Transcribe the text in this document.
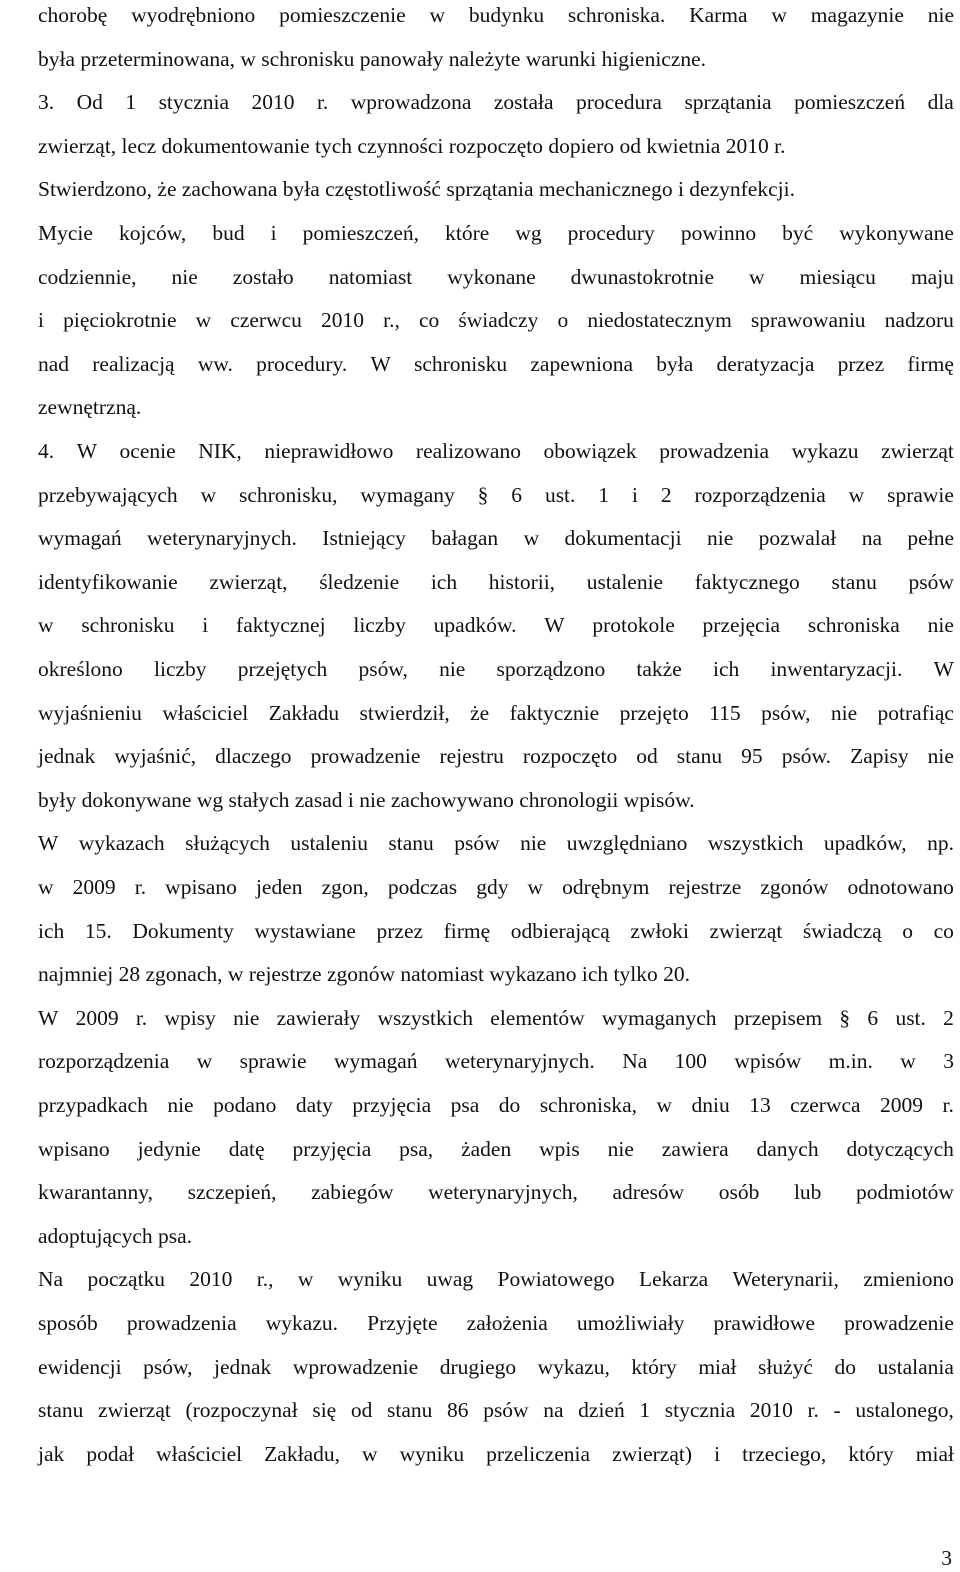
chorobę wyodrębniono pomieszczenie w budynku schroniska. Karma w magazynie nie
była przeterminowana, w schronisku panowały należyte warunki higieniczne.
3. Od 1 stycznia 2010 r. wprowadzona została procedura sprzątania pomieszczeń dla
zwierząt, lecz dokumentowanie tych czynności rozpoczęto dopiero od kwietnia 2010 r.
Stwierdzono, że zachowana była częstotliwość sprzątania mechanicznego i dezynfekcji.
Mycie kojców, bud i pomieszczeń, które wg procedury powinno być wykonywane
codziennie, nie zostało natomiast wykonane dwunastokrotnie w miesiącu maju
i pięciokrotnie w czerwcu 2010 r., co świadczy o niedostatecznym sprawowaniu nadzoru
nad realizacją ww. procedury. W schronisku zapewniona była deratyzacja przez firmę
zewnętrzną.
4. W ocenie NIK, nieprawidłowo realizowano obowiązek prowadzenia wykazu zwierząt
przebywających w schronisku, wymagany § 6 ust. 1 i 2 rozporządzenia w sprawie
wymagań weterynaryjnych. Istniejący bałagan w dokumentacji nie pozwalał na pełne
identyfikowanie zwierząt, śledzenie ich historii, ustalenie faktycznego stanu psów
w schronisku i faktycznej liczby upadków. W protokole przejęcia schroniska nie
określono liczby przejętych psów, nie sporządzono także ich inwentaryzacji. W
wyjaśnieniu właściciel Zakładu stwierdził, że faktycznie przejęto 115 psów, nie potrafiąc
jednak wyjaśnić, dlaczego prowadzenie rejestru rozpoczęto od stanu 95 psów. Zapisy nie
były dokonywane wg stałych zasad i nie zachowywano chronologii wpisów.
W wykazach służących ustaleniu stanu psów nie uwzględniano wszystkich upadków, np.
w 2009 r. wpisano jeden zgon, podczas gdy w odrębnym rejestrze zgonów odnotowano
ich 15. Dokumenty wystawiane przez firmę odbierającą zwłoki zwierząt świadczą o co
najmniej 28 zgonach, w rejestrze zgonów natomiast wykazano ich tylko 20.
W 2009 r. wpisy nie zawierały wszystkich elementów wymaganych przepisem § 6 ust. 2
rozporządzenia w sprawie wymagań weterynaryjnych. Na 100 wpisów m.in. w 3
przypadkach nie podano daty przyjęcia psa do schroniska, w dniu 13 czerwca 2009 r.
wpisano jedynie datę przyjęcia psa, żaden wpis nie zawiera danych dotyczących
kwarantanny, szczepień, zabiegów weterynaryjnych, adresów osób lub podmiotów
adoptujących psa.
Na początku 2010 r., w wyniku uwag Powiatowego Lekarza Weterynarii, zmieniono
sposób prowadzenia wykazu. Przyjęte założenia umożliwiały prawidłowe prowadzenie
ewidencji psów, jednak wprowadzenie drugiego wykazu, który miał służyć do ustalania
stanu zwierząt (rozpoczynał się od stanu 86 psów na dzień 1 stycznia 2010 r. - ustalonego,
jak podał właściciel Zakładu, w wyniku przeliczenia zwierząt) i trzeciego, który miał
3
